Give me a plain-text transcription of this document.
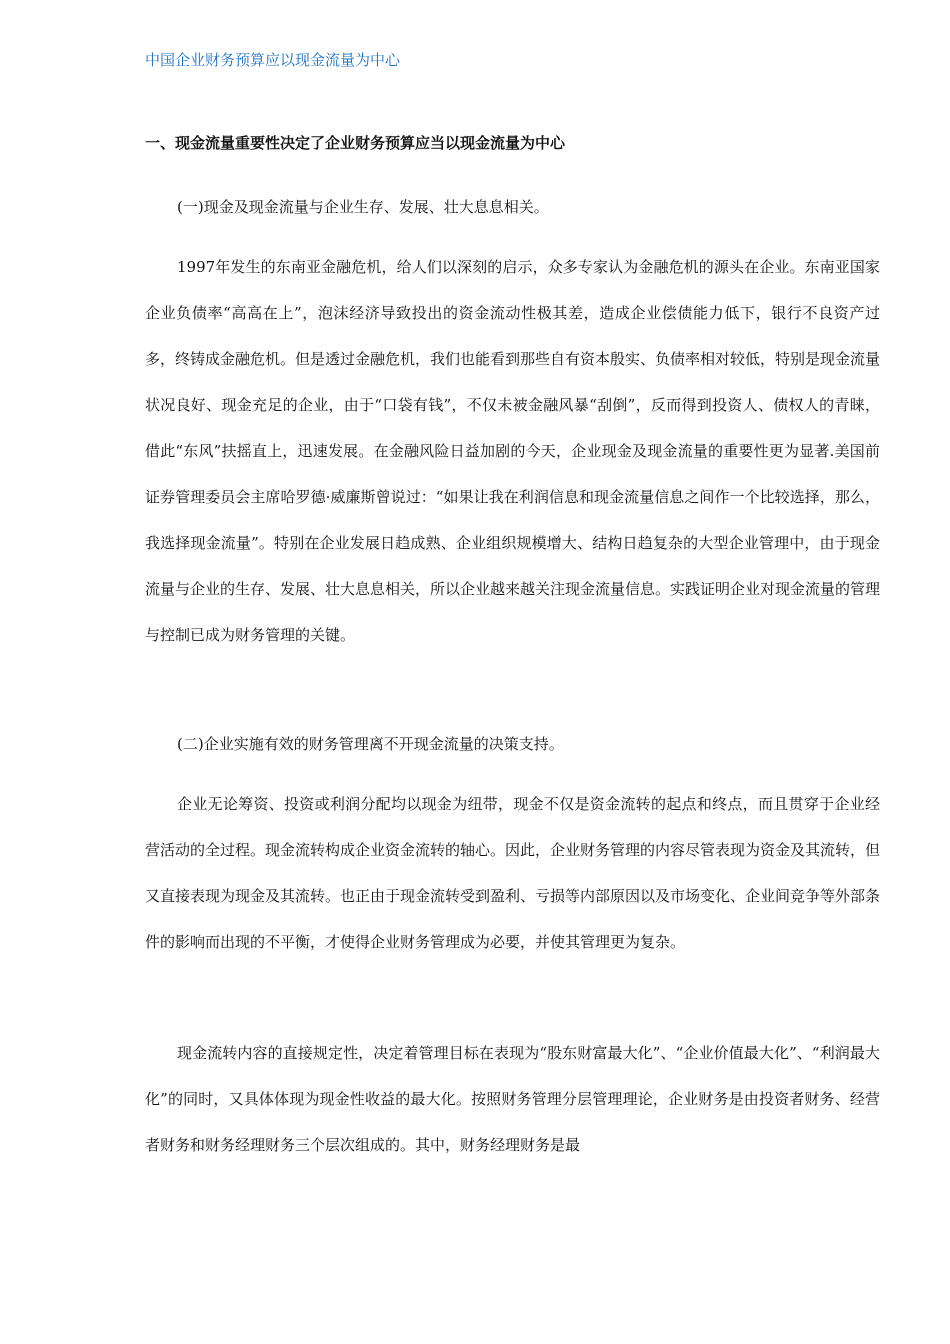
中国企业财务预算应以现金流量为中心
一、现金流量重要性决定了企业财务预算应当以现金流量为中心

(一)现金及现金流量与企业生存、发展、壮大息息相关。

1997年发生的东南亚金融危机，给人们以深刻的启示，众多专家认为金融危机的源头在企业。东南亚国家企业负债率“高高在上”，泡沫经济导致投出的资金流动性极其差，造成企业偿债能力低下，银行不良资产过多，终铸成金融危机。但是透过金融危机，我们也能看到那些自有资本殷实、负债率相对较低，特别是现金流量状况良好、现金充足的企业，由于“口袋有钱”，不仅未被金融风暴“刮倒”，反而得到投资人、债权人的青睐，借此“东风”扶摇直上，迅速发展。在金融风险日益加剧的今天，企业现金及现金流量的重要性更为显著.美国前证券管理委员会主席哈罗德·威廉斯曾说过：“如果让我在利润信息和现金流量信息之间作一个比较选择，那么，我选择现金流量”。特别在企业发展日趋成熟、企业组织规模增大、结构日趋复杂的大型企业管理中，由于现金流量与企业的生存、发展、壮大息息相关，所以企业越来越关注现金流量信息。实践证明企业对现金流量的管理与控制已成为财务管理的关键。

(二)企业实施有效的财务管理离不开现金流量的决策支持。

企业无论筹资、投资或利润分配均以现金为纽带，现金不仅是资金流转的起点和终点，而且贯穿于企业经营活动的全过程。现金流转构成企业资金流转的轴心。因此，企业财务管理的内容尽管表现为资金及其流转，但又直接表现为现金及其流转。也正由于现金流转受到盈利、亏损等内部原因以及市场变化、企业间竞争等外部条件的影响而出现的不平衡，才使得企业财务管理成为必要，并使其管理更为复杂。

现金流转内容的直接规定性，决定着管理目标在表现为“股东财富最大化”、“企业价值最大化”、“利润最大化”的同时，又具体体现为现金性收益的最大化。按照财务管理分层管理理论，企业财务是由投资者财务、经营者财务和财务经理财务三个层次组成的。其中，财务经理财务是最
